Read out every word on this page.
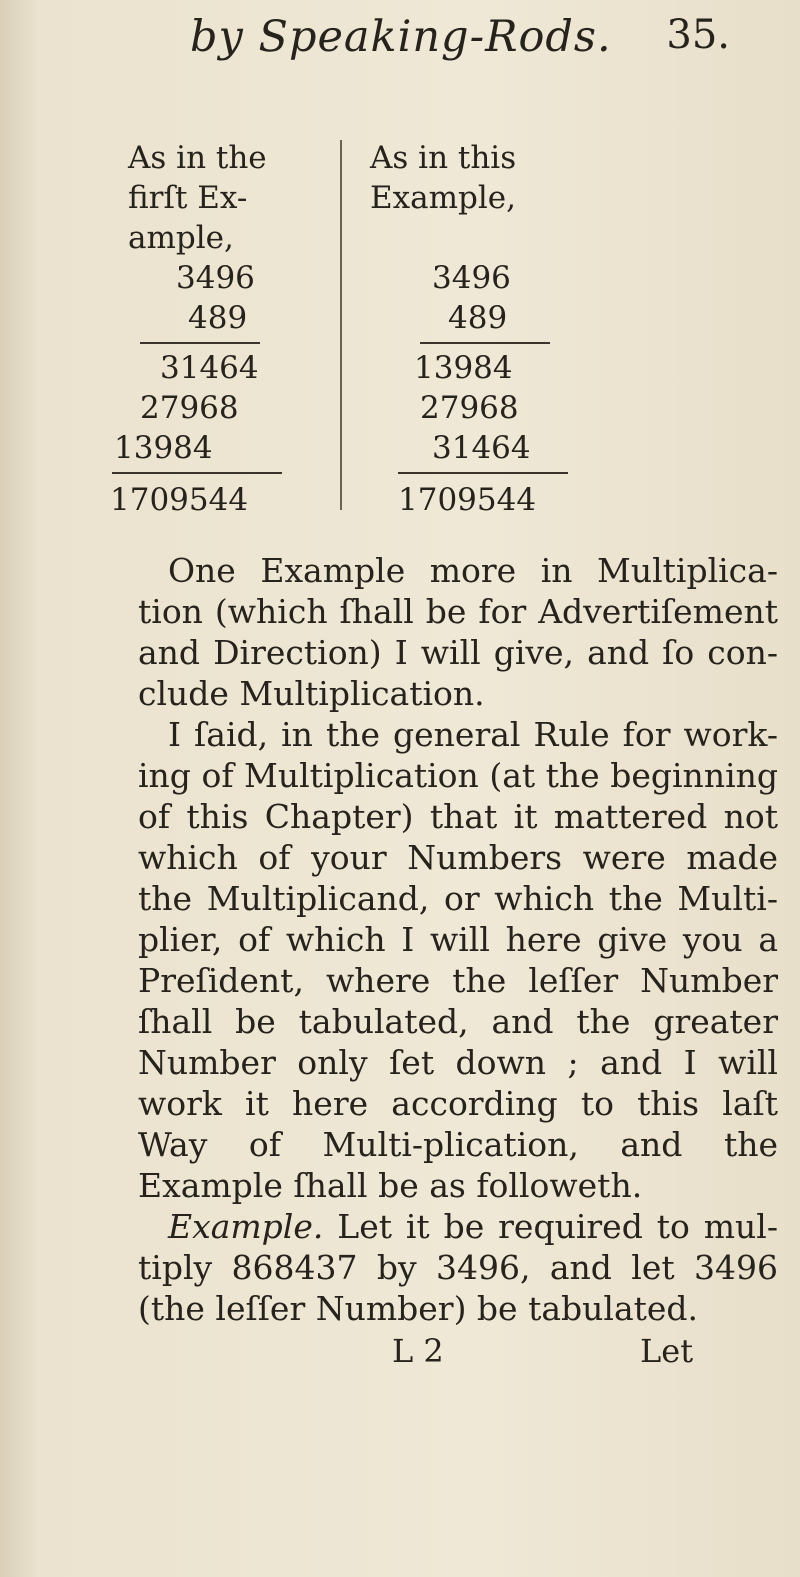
by Speaking-Rods. 35.
As in the
firſt Ex-
ample,
3496
489
31464
27968
13984
1709544
As in this
Example,
3496
489
13984
27968
31464
1709544

One Example more in Multiplica-tion (which ſhall be for Advertiſement and Direction) I will give, and ſo con-clude Multiplication.

I ſaid, in the general Rule for work-ing of Multiplication (at the beginning of this Chapter) that it mattered not which of your Numbers were made the Multiplicand, or which the Multi-plier, of which I will here give you a Preſident, where the leſſer Number ſhall be tabulated, and the greater Number only ſet down ; and I will work it here according to this laſt Way of Multi-plication, and the Example ſhall be as followeth.

Example. Let it be required to mul-tiply 868437 by 3496, and let 3496 (the leſſer Number) be tabulated.

L 2	Let
